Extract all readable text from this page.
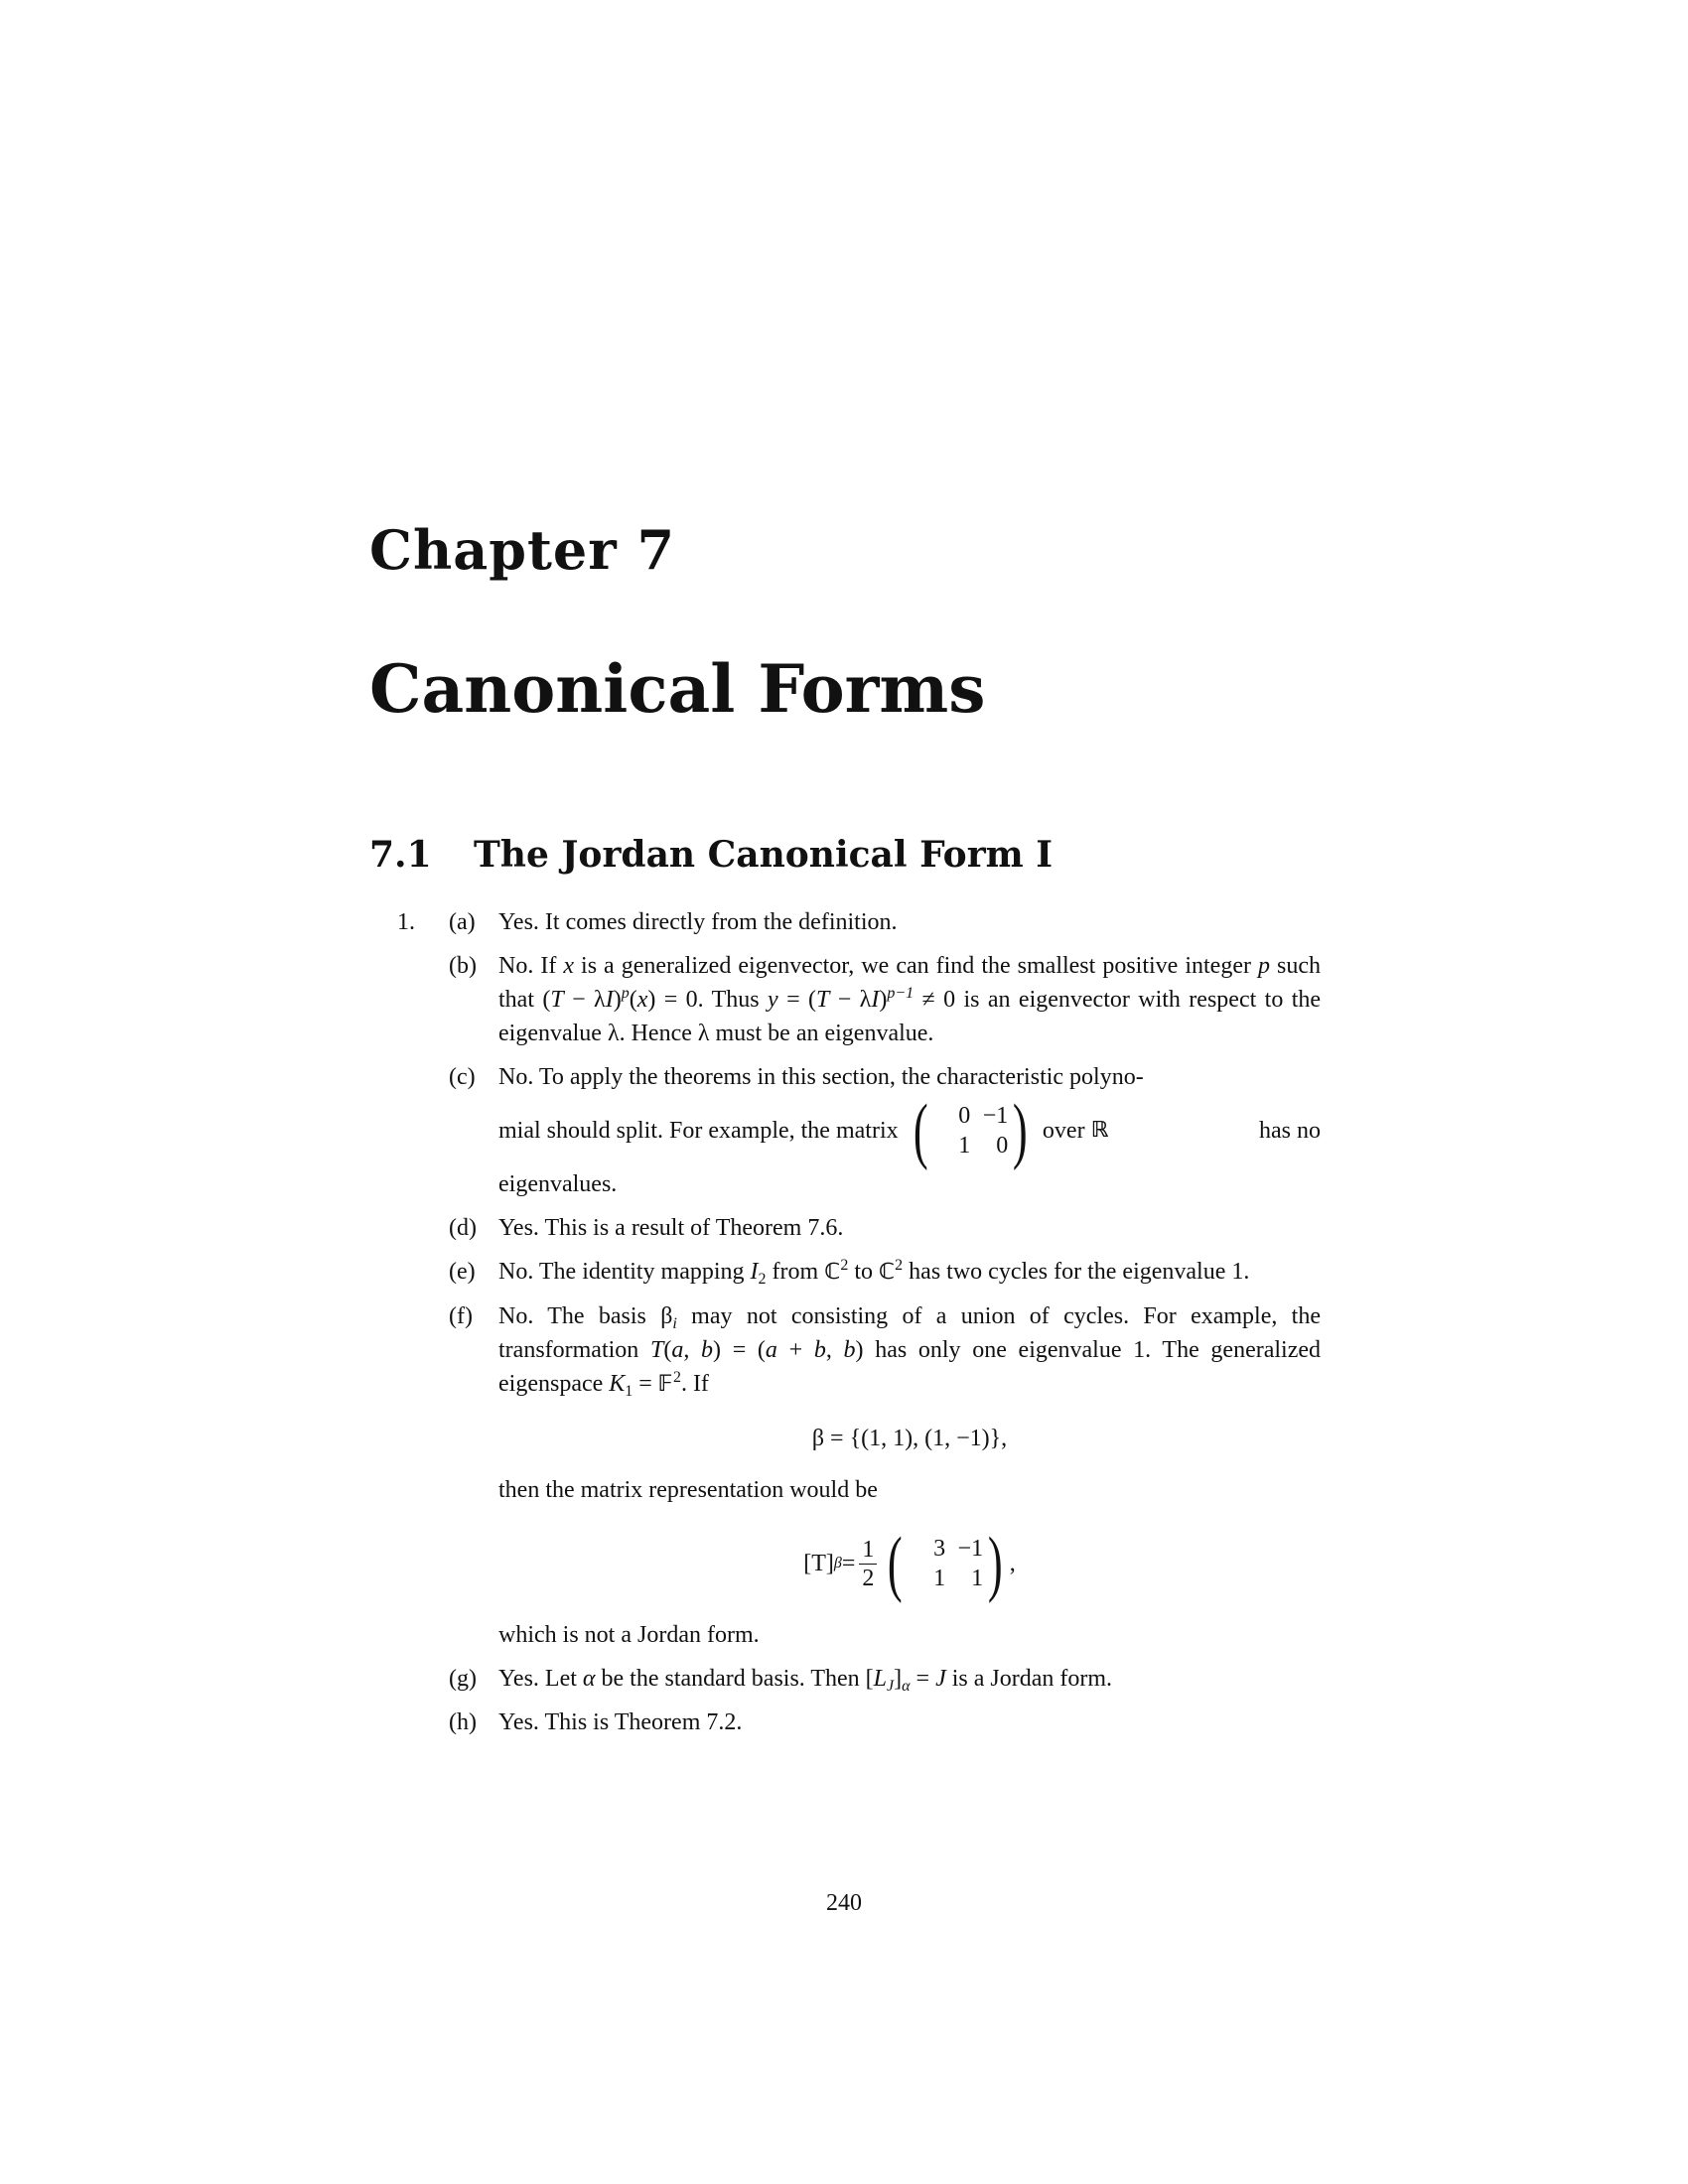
Chapter 7
Canonical Forms
7.1 The Jordan Canonical Form I
1. (a) Yes. It comes directly from the definition.

(b) No. If x is a generalized eigenvector, we can find the smallest positive integer p such that $(T - \lambda I)^p(x) = 0$. Thus $y = (T - \lambda I)^{p-1} \ne 0$ is an eigenvector with respect to the eigenvalue λ. Hence λ must be an eigenvalue.

(c) No. To apply the theorems in this section, the characteristic polyno-

mial should split. For example, the matrix (	0 −1
1	0 ) over
ℝ
	has no

eigenvalues.

(d) Yes. This is a result of Theorem 7.6.

(e) No. The identity mapping $I_2$ from ℂ$^2$ to ℂ$^2$ has two cycles for the eigenvalue 1.

(f) No. The basis $\beta_i$ may not consisting of a union of cycles. For example, the transformation T(a, b) = (a + b, b) has only one eigenvalue 1. The generalized eigenspace $K_1$ = 𝔽$^2$. If

β = {(1, 1), (1, −1)},

then the matrix representation would be

[T] $\beta = \frac{1}{2}$ (	3 −1
1	1 ) ,

which is not a Jordan form.

(g) Yes. Let α be the standard basis. Then $[L_J]_\alpha = J$ is a Jordan form.

(h) Yes. This is Theorem 7.2.

240
